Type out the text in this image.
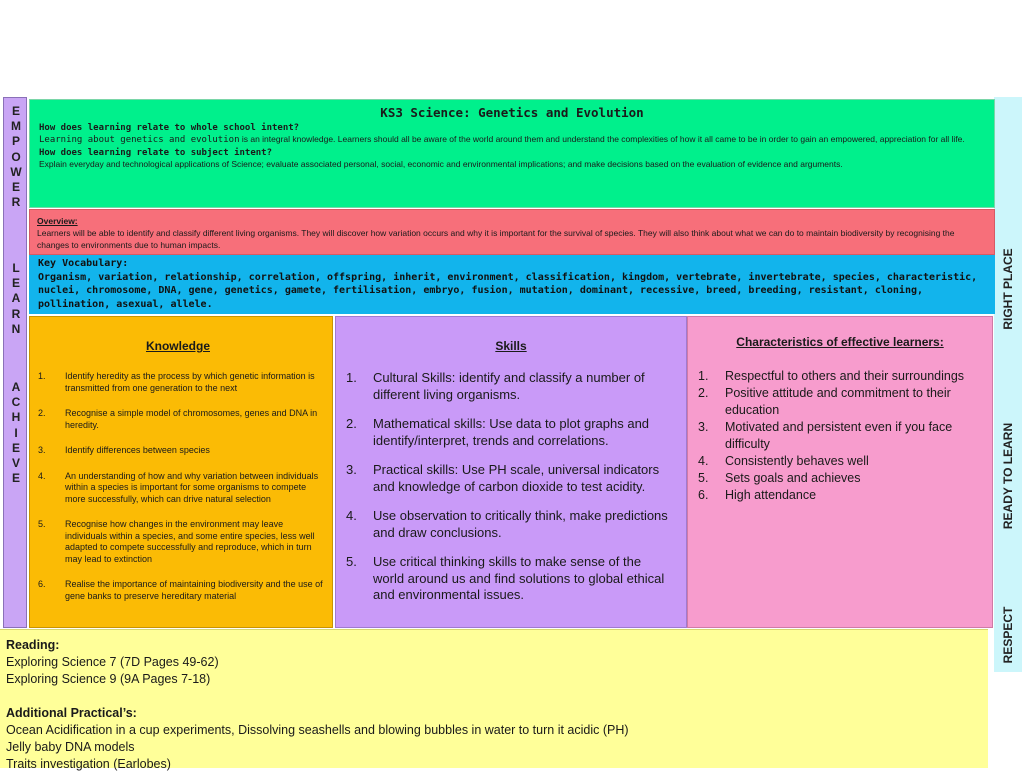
E
M
P
O
W
E
R
L
E
A
R
N
A
C
H
I
E
V
E
RIGHT PLACE
READY TO LEARN
RESPECT
KS3 Science: Genetics and Evolution
How does learning relate to whole school intent?
Learning about genetics and evolution is an integral knowledge. Learners should all be aware of the world around them and understand the complexities of how it all came to be in order to gain an empowered, appreciation for all life.
How does learning relate to subject intent?
Explain everyday and technological applications of Science; evaluate associated personal, social, economic and environmental implications; and make decisions based on the evaluation of evidence and arguments.
Overview:
Learners will be able to identify and classify different living organisms. They will discover how variation occurs and why it is important for the survival of species. They will also think about what we can do to maintain biodiversity by recognising the changes to environments due to human impacts.
Key Vocabulary:
Organism, variation, relationship, correlation, offspring, inherit, environment, classification, kingdom, vertebrate, invertebrate, species, characteristic, nuclei, chromosome, DNA, gene, genetics, gamete, fertilisation, embryo, fusion, mutation, dominant, recessive, breed, breeding, resistant, cloning, pollination, asexual, allele.
Knowledge
1. Identify heredity as the process by which genetic information is transmitted from one generation to the next
2. Recognise a simple model of chromosomes, genes and DNA in heredity.
3. Identify differences between species
4. An understanding of how and why variation between individuals within a species is important for some organisms to compete more successfully, which can drive natural selection
5. Recognise how changes in the environment may leave individuals within a species, and some entire species, less well adapted to compete successfully and reproduce, which in turn may lead to extinction
6. Realise the importance of maintaining biodiversity and the use of gene banks to preserve hereditary material
Skills
1. Cultural Skills: identify and classify a number of different living organisms.
2. Mathematical skills: Use data to plot graphs and identify/interpret, trends and correlations.
3. Practical skills: Use PH scale, universal indicators and knowledge of carbon dioxide to test acidity.
4. Use observation to critically think, make predictions and draw conclusions.
5. Use critical thinking skills to make sense of the world around us and find solutions to global ethical and environmental issues.
Characteristics of effective learners:
1. Respectful to others and their surroundings
2. Positive attitude and commitment to their education
3. Motivated and persistent even if you face difficulty
4. Consistently behaves well
5. Sets goals and achieves
6. High attendance
Reading:
Exploring Science 7 (7D Pages 49-62)
Exploring Science 9 (9A Pages 7-18)
Additional Practical’s:
Ocean Acidification in a cup experiments, Dissolving seashells and blowing bubbles in water to turn it acidic (PH)
Jelly baby DNA models
Traits investigation (Earlobes)
